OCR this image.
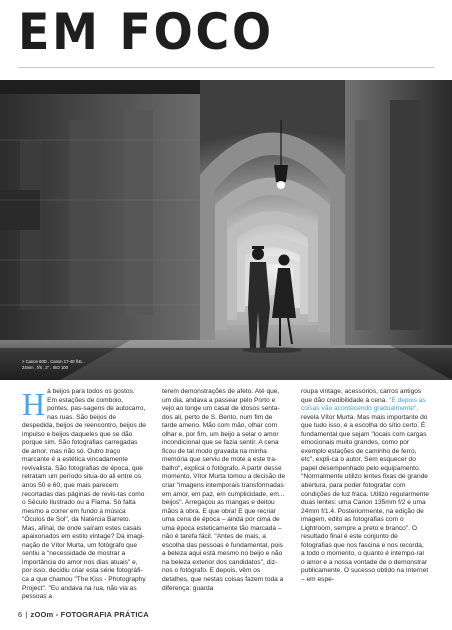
EM FOCO
> Canon 60D . Canon 17-40 f/4L .
24mm , f/8 , 2" , ISO 100

Há beijos para todos os gostos. Em estações de comboio, pontes, pas-sagens de autocarro, nas ruas. São beijos de despedida, beijos de reencontro, beijos de impulso e beijos daqueles que se dão porque sim. São fotografias carregadas de amor, mas não só. Outro traço marcante é a estética vincadamente revivalista. São fotografias de época, que retratam um período situa-do ali entre os anos 50 e 60, que mais parecem recortadas das páginas de revis-tas como o Século Ilustrado ou a Flama. Só falta mesmo a correr em fundo a música "Óculos de Sol", da Natércia Barreto. Mas, afinal, de onde saíram estes casais apaixonados em estilo vintage? Da imagi-nação de Vítor Murta, um fotógrafo que sentiu a "necessidade de mostrar a importância do amor nos dias atuais" e, por isso, decidiu criar esta série fotográfi-ca a que chamou "The Kiss - Photography Project". "Eu andava na rua, não via as pessoas a

terem demonstrações de afeto. Até que, um dia, andava a passear pelo Porto e vejo ao longe um casal de idosos senta-dos ali, perto de S. Bento, num fim de tarde ameno. Mão com mão, olhar com olhar e, por fim, um beijo a selar o amor incondicional que se fazia sentir. A cena ficou de tal modo gravada na minha memória que serviu de mote a este tra-balho", explica o fotógrafo. A partir desse momento, Vítor Murta tomou a decisão de criar "imagens intemporais transformadas em amor, em paz, em cumplicidade, em... beijos". Arregaçou as mangas e deitou mãos à obra. E que obra! E que recriar uma cena de época – ainda por cima de uma época esteticamente tão marcada – não é tarefa fácil. "Antes de mais, a escolha das pessoas é fundamental, pois a beleza aqui está mesmo no beijo e não na beleza exterior dos candidatos", diz-nos o fotógrafo. E depois, vêm os detalhes, que nestas coisas fazem toda a diferença: guarda

roupa vintage, acessórios, carros antigos que dão credibilidade à cena. "E depois as coisas vão acontecendo gradualmente", revela Vítor Murta. Mas mais importante do que tudo isso, é a escolha do sítio certo. É fundamental que sejam "locais com cargas emocionais muito grandes, como por exemplo estações de caminho de ferro, etc", expli-ca o autor. Sem esquecer do papel desempenhado pelo equipamento. "Normalmente utilizo lentes fixas de grande abertura, para poder fotografar com condições de luz fraca. Utilizo regularmente duas lentes: uma Canon 135mm f/2 e uma 24mm f/1.4. Posteriormente, na edição de imagem, edito as fotografias com o Lightroom, sempre a preto e branco". O resultado final é este conjunto de fotografias que nos fascina e nos recorda, a todo o momento, o quanto é intempo-ral o amor e a nossa vontade de o demonstrar publicamente. O sucesso obtido na Internet – em espe-

6 | zOOm - FOTOGRAFIA PRÁTICA
